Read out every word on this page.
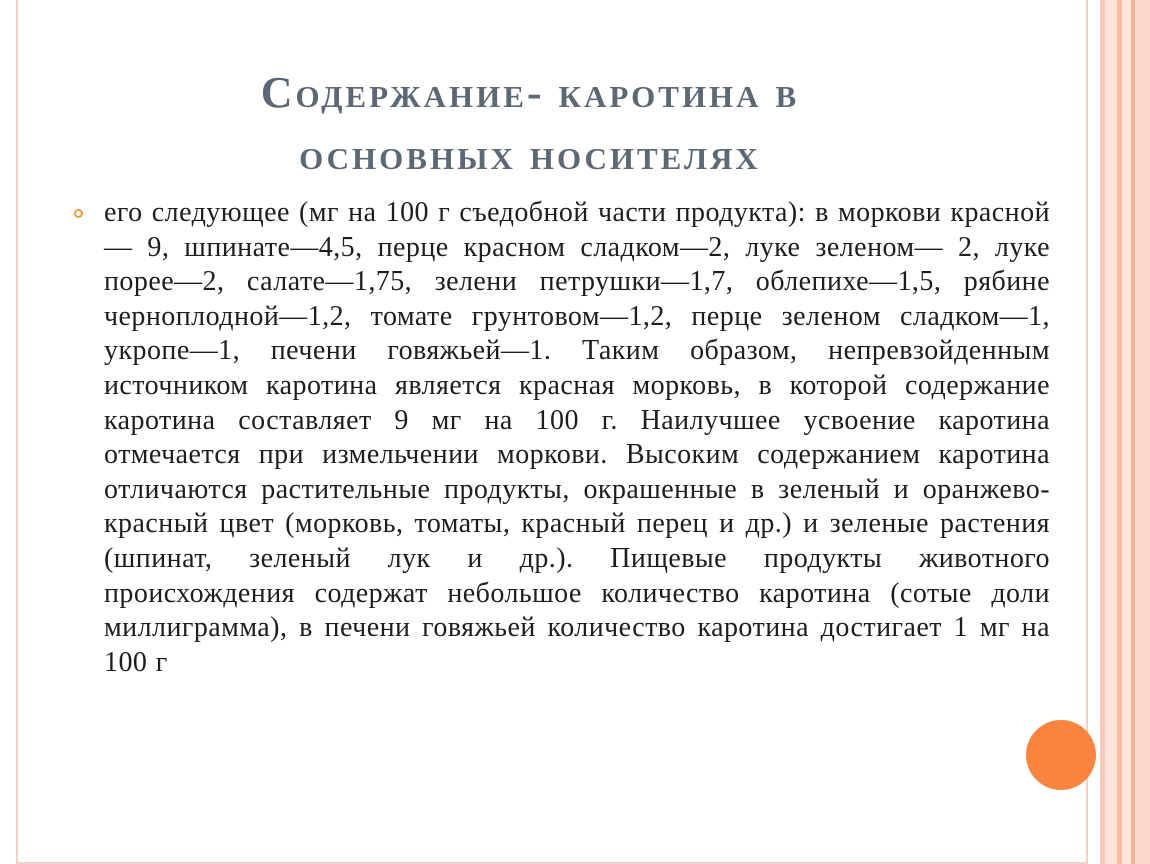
Содержание- каротина в
основных носителях

его следующее (мг на 100 г съедобной части продукта): в моркови красной— 9, шпинате—4,5, перце красном сладком—2, луке зеленом— 2, луке порее—2, салате—1,75, зелени петрушки—1,7, облепихе—1,5, рябине черноплодной—1,2, томате грунтовом—1,2, перце зеленом сладком—1, укропе—1, печени говяжьей—1. Таким образом, непревзойденным источником каротина является красная морковь, в которой содержание каротина составляет 9 мг на 100 г. Наилучшее усвоение каротина отмечается при измельчении моркови. Высоким содержанием каротина отличаются растительные продукты, окрашенные в зеленый и оранжево-красный цвет (морковь, томаты, красный перец и др.) и зеленые растения (шпинат, зеленый лук и др.). Пищевые продукты животного происхождения содержат небольшое количество каротина (сотые доли миллиграмма), в печени говяжьей количество каротина достигает 1 мг на 100 г
